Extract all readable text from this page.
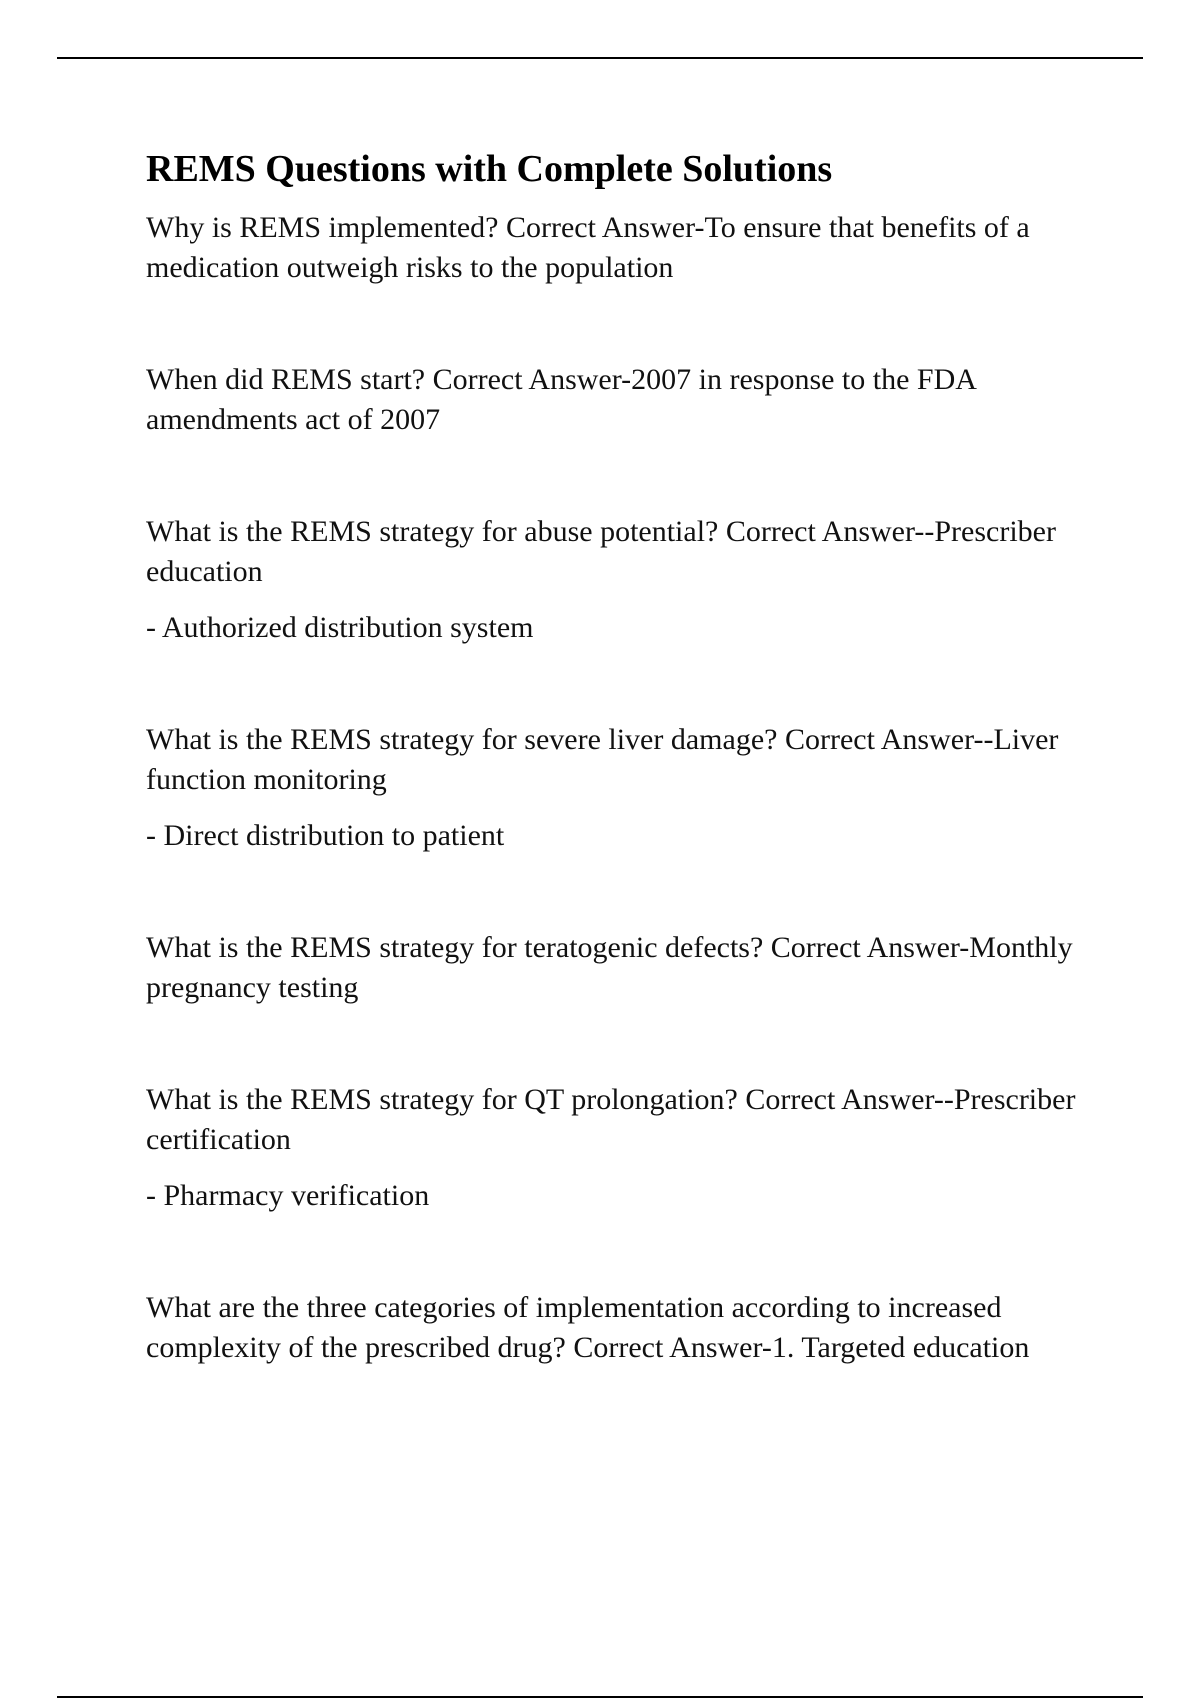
REMS Questions with Complete Solutions

Why is REMS implemented? Correct Answer-To ensure that benefits of a medication outweigh risks to the population

When did REMS start? Correct Answer-2007 in response to the FDA amendments act of 2007

What is the REMS strategy for abuse potential? Correct Answer--Prescriber education

- Authorized distribution system

What is the REMS strategy for severe liver damage? Correct Answer--Liver function monitoring

- Direct distribution to patient

What is the REMS strategy for teratogenic defects? Correct Answer-Monthly pregnancy testing

What is the REMS strategy for QT prolongation? Correct Answer--Prescriber certification

- Pharmacy verification

What are the three categories of implementation according to increased complexity of the prescribed drug? Correct Answer-1. Targeted education
